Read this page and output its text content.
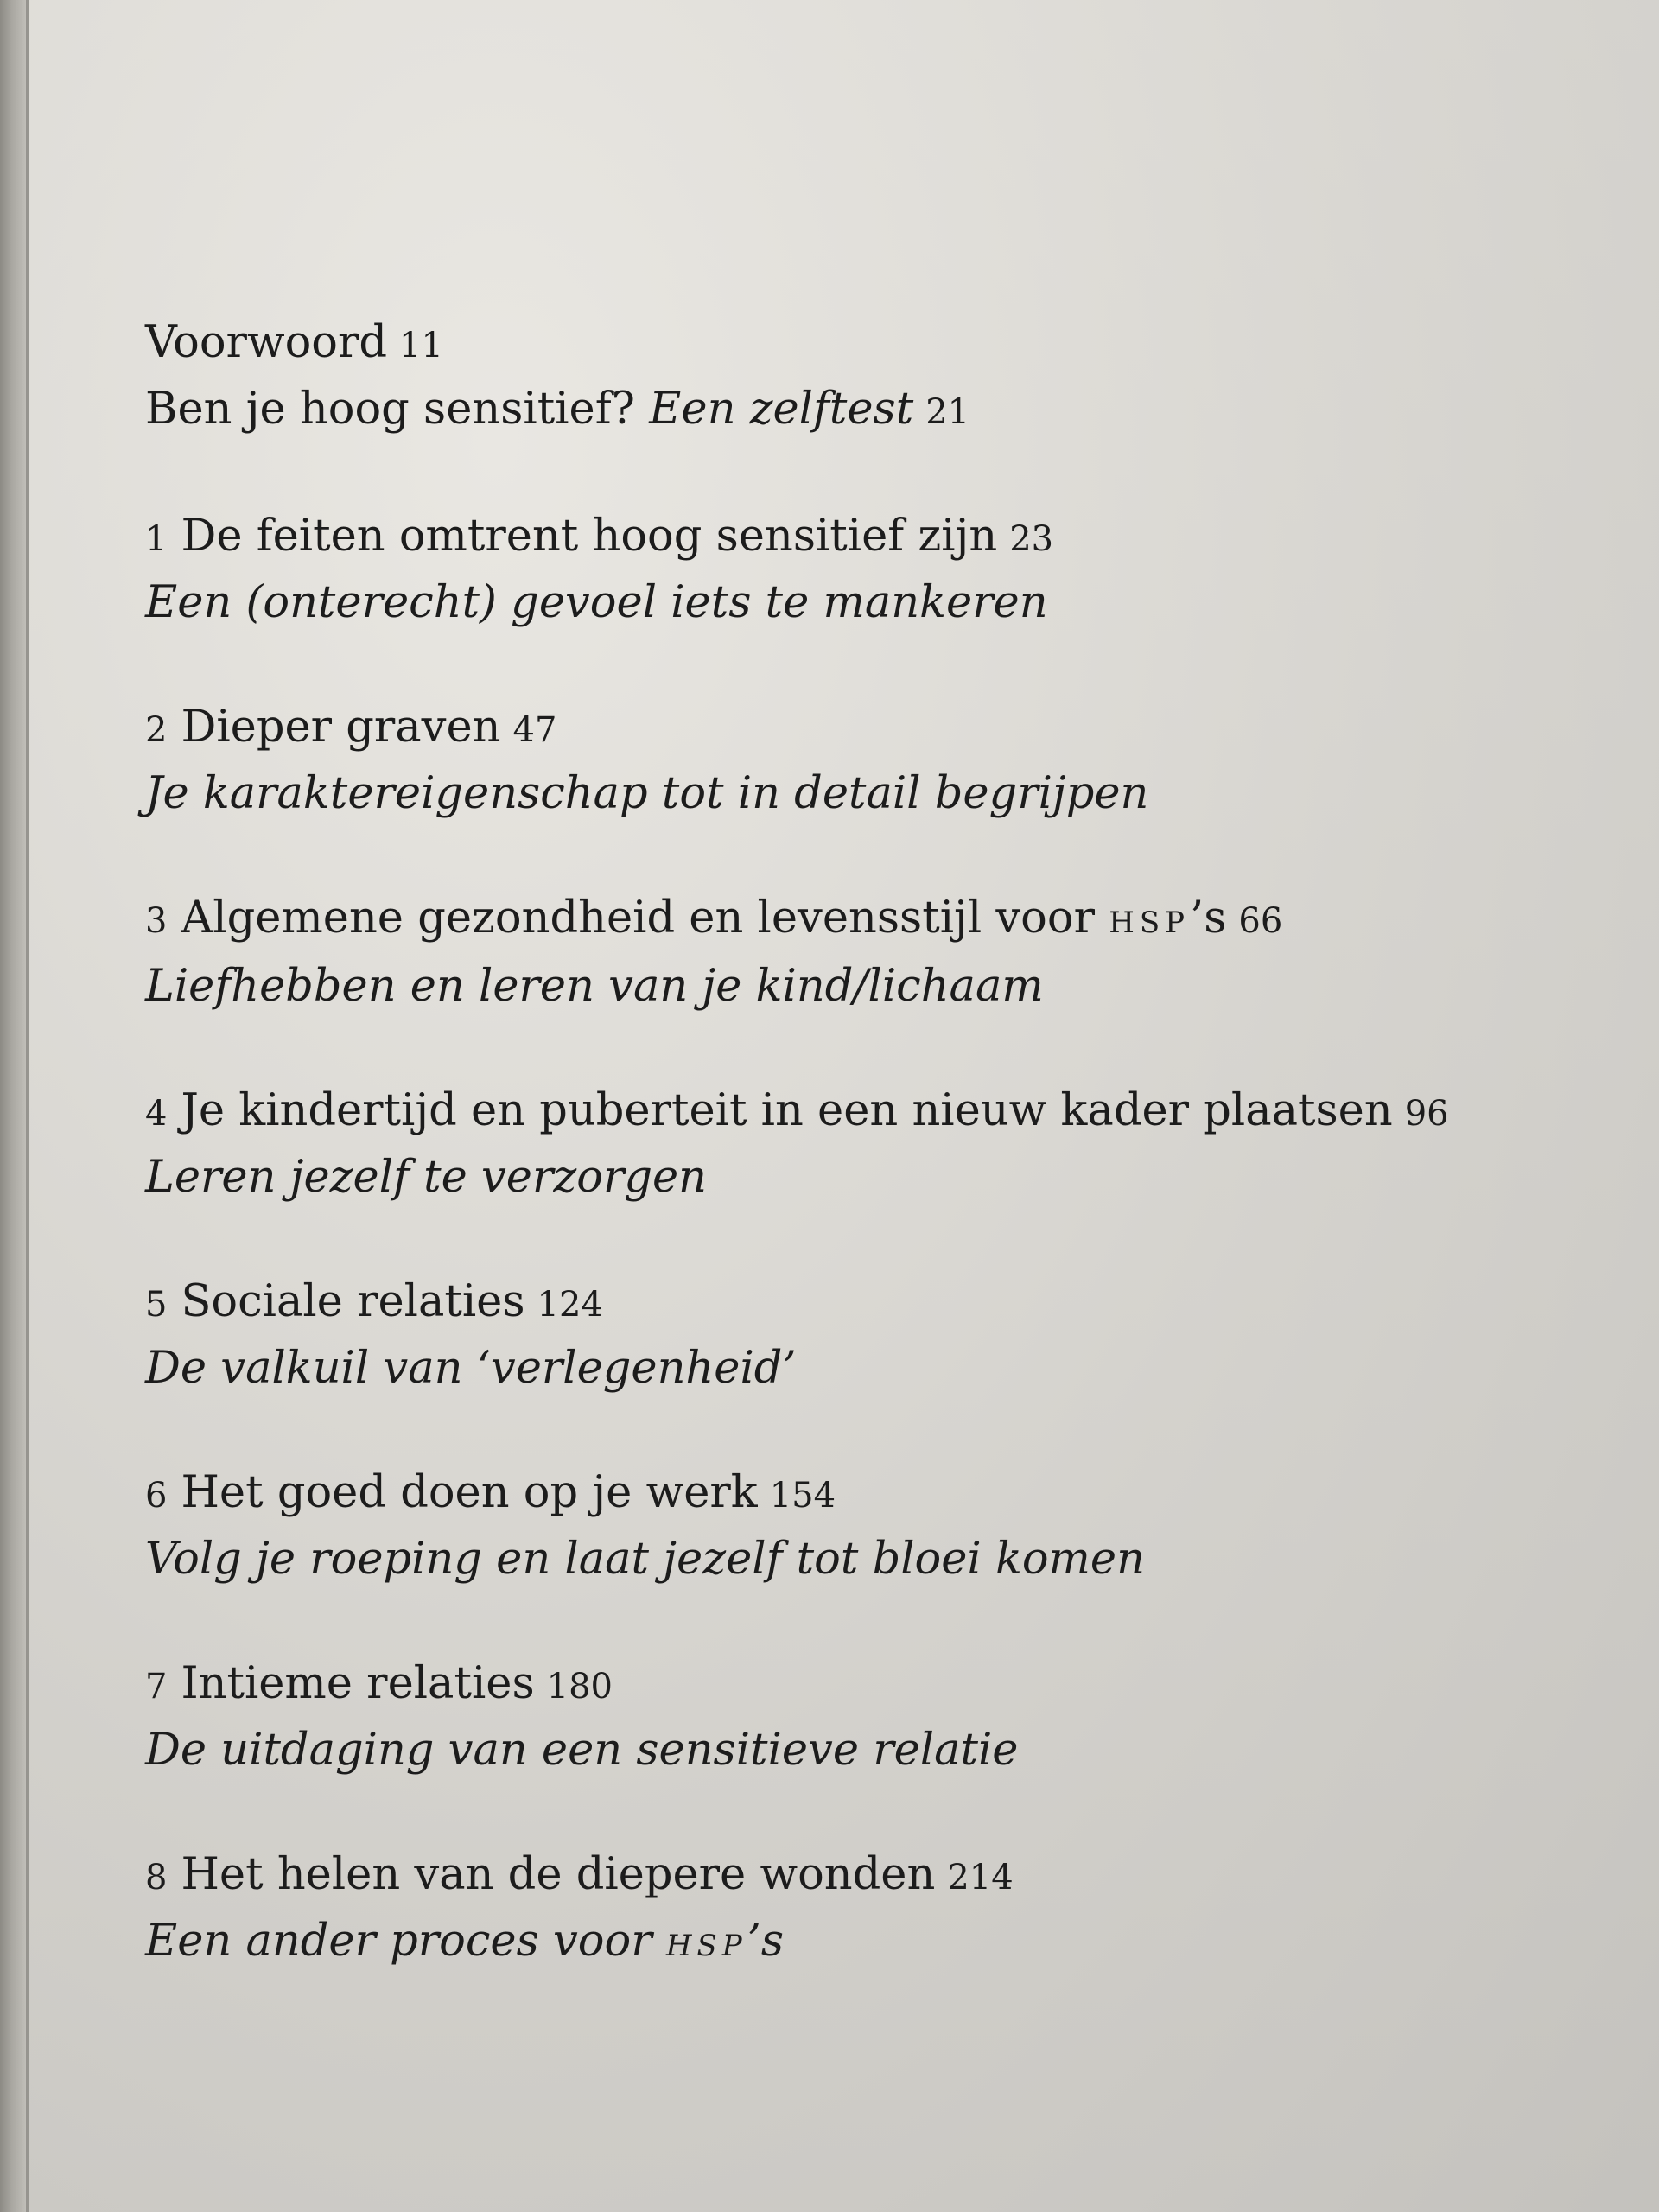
Voorwoord 11

Ben je hoog sensitief? Een zelftest 21

1 De feiten omtrent hoog sensitief zijn 23

Een (onterecht) gevoel iets te mankeren

2 Dieper graven 47

Je karaktereigenschap tot in detail begrijpen

3 Algemene gezondheid en levensstijl voor HSP’s 66

Liefhebben en leren van je kind/lichaam

4 Je kindertijd en puberteit in een nieuw kader plaatsen 96

Leren jezelf te verzorgen

5 Sociale relaties 124

De valkuil van ‘verlegenheid’

6 Het goed doen op je werk 154

Volg je roeping en laat jezelf tot bloei komen

7 Intieme relaties 180

De uitdaging van een sensitieve relatie

8 Het helen van de diepere wonden 214

Een ander proces voor HSP’s
